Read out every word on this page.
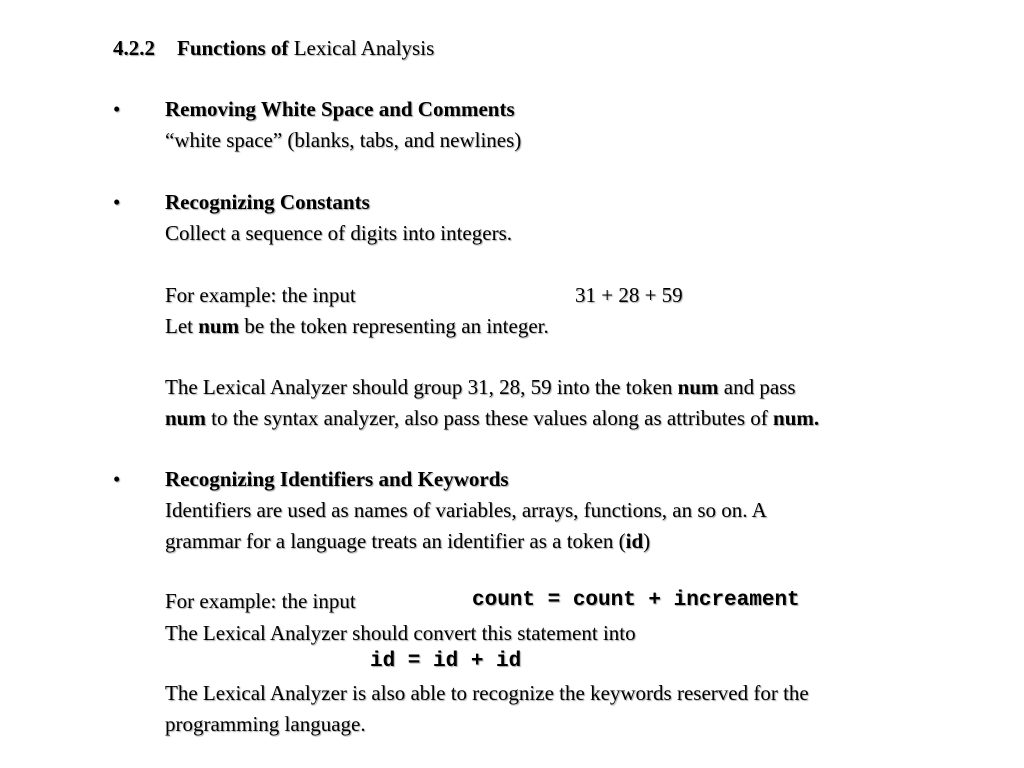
4.2.2 Functions of Lexical Analysis
• Removing White Space and Comments
“white space” (blanks, tabs, and newlines)
• Recognizing Constants
Collect a sequence of digits into integers.
For example: the input	31 + 28 + 59
Let num be the token representing an integer.
The Lexical Analyzer should group 31, 28, 59 into the token num and pass
num to the syntax analyzer, also pass these values along as attributes of num.
• Recognizing Identifiers and Keywords
Identifiers are used as names of variables, arrays, functions, an so on. A
grammar for a language treats an identifier as a token (id)
For example: the input	count = count + increament
The Lexical Analyzer should convert this statement into
id = id + id
The Lexical Analyzer is also able to recognize the keywords reserved for the
programming language.
